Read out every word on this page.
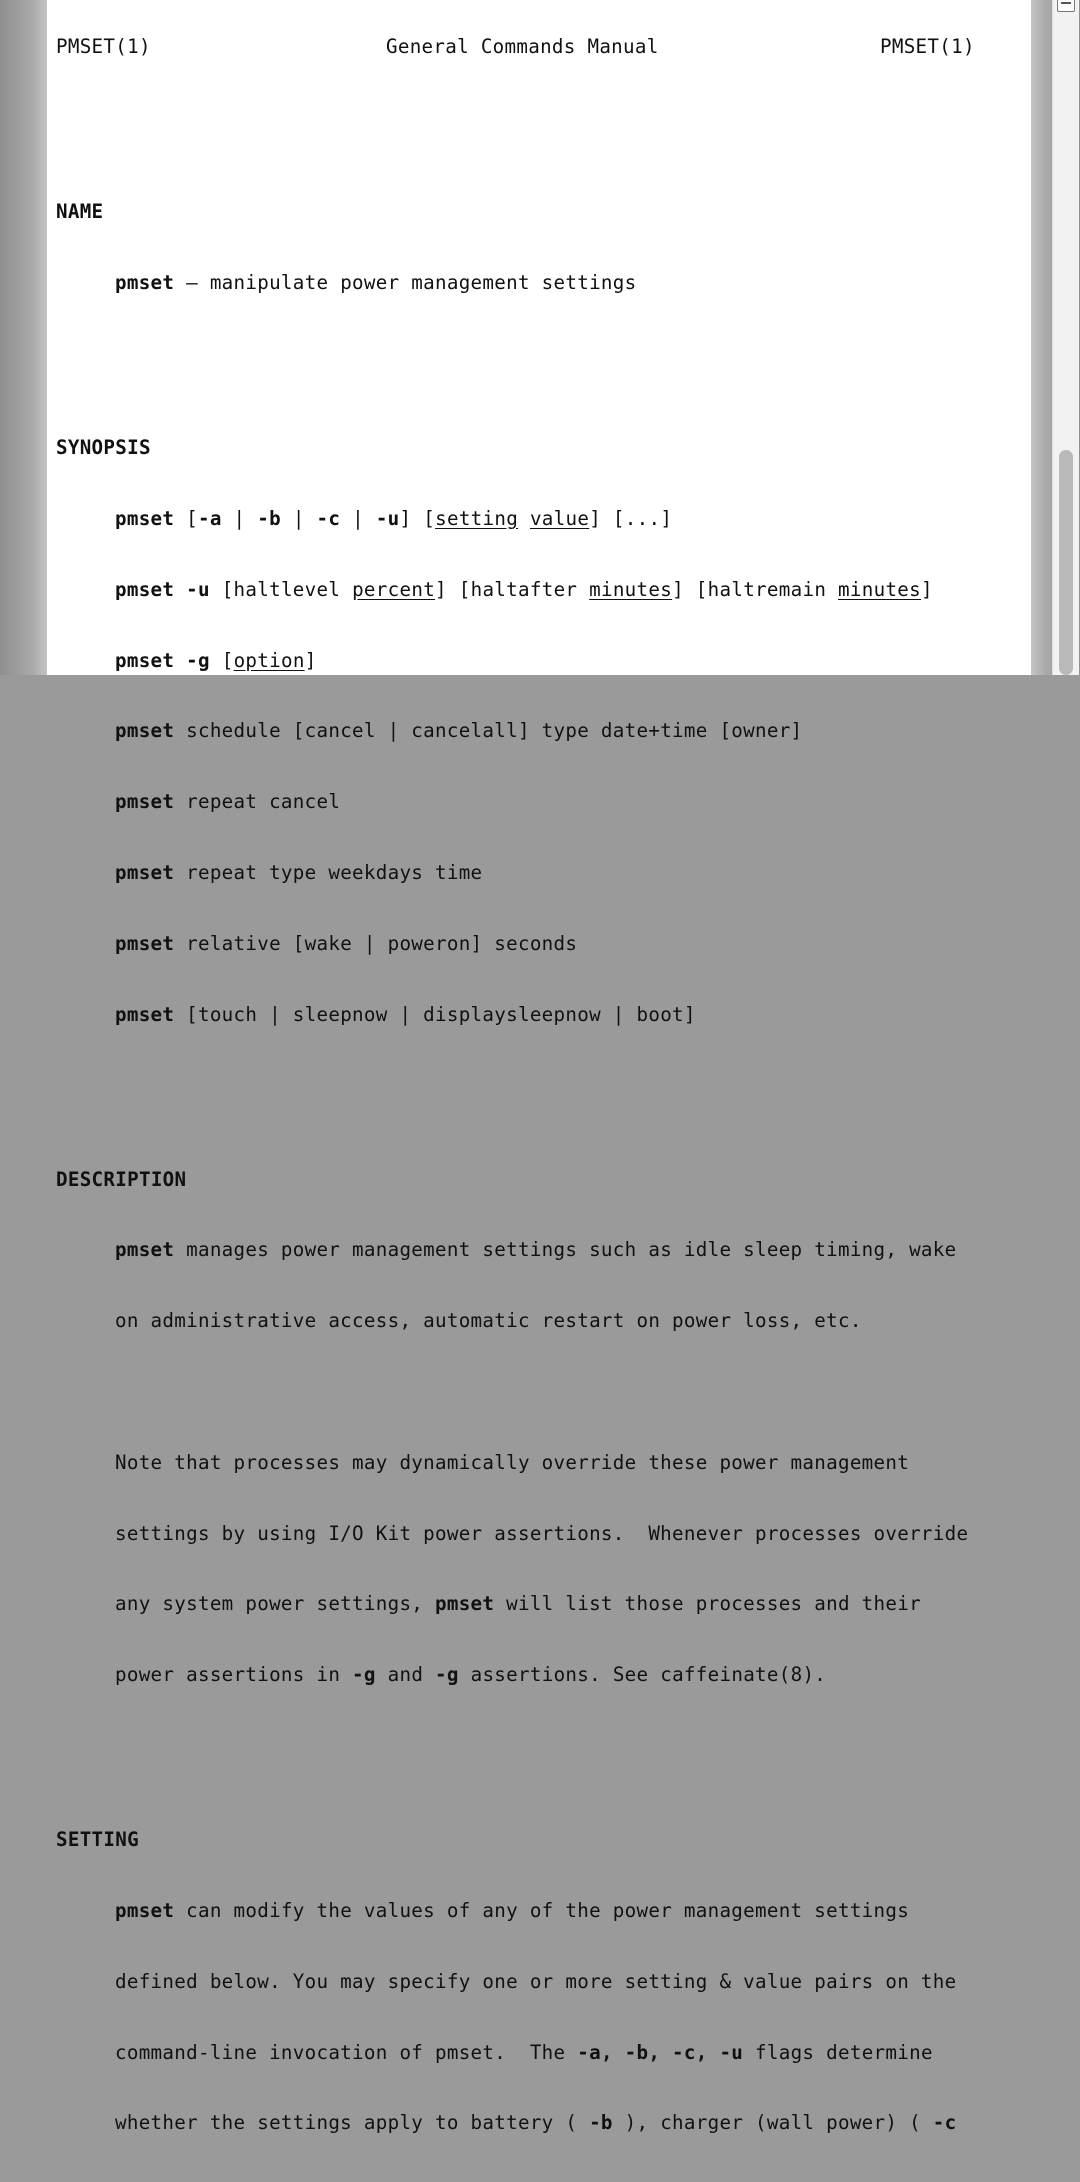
PMSET(1)	General Commands Manual	PMSET(1)

NAME

pmset – manipulate power management settings

SYNOPSIS

pmset [-a | -b | -c | -u] [setting value] [...]

pmset -u [haltlevel percent] [haltafter minutes] [haltremain minutes]

pmset -g [option]

pmset schedule [cancel | cancelall] type date+time [owner]

pmset repeat cancel

pmset repeat type weekdays time

pmset relative [wake | poweron] seconds

pmset [touch | sleepnow | displaysleepnow | boot]

DESCRIPTION

pmset manages power management settings such as idle sleep timing, wake

on administrative access, automatic restart on power loss, etc.

Note that processes may dynamically override these power management

settings by using I/O Kit power assertions.  Whenever processes override

any system power settings, pmset will list those processes and their

power assertions in -g and -g assertions. See caffeinate(8).

SETTING

pmset can modify the values of any of the power management settings

defined below. You may specify one or more setting & value pairs on the

command-line invocation of pmset.  The -a, -b, -c, -u flags determine

whether the settings apply to battery ( -b ), charger (wall power) ( -c
